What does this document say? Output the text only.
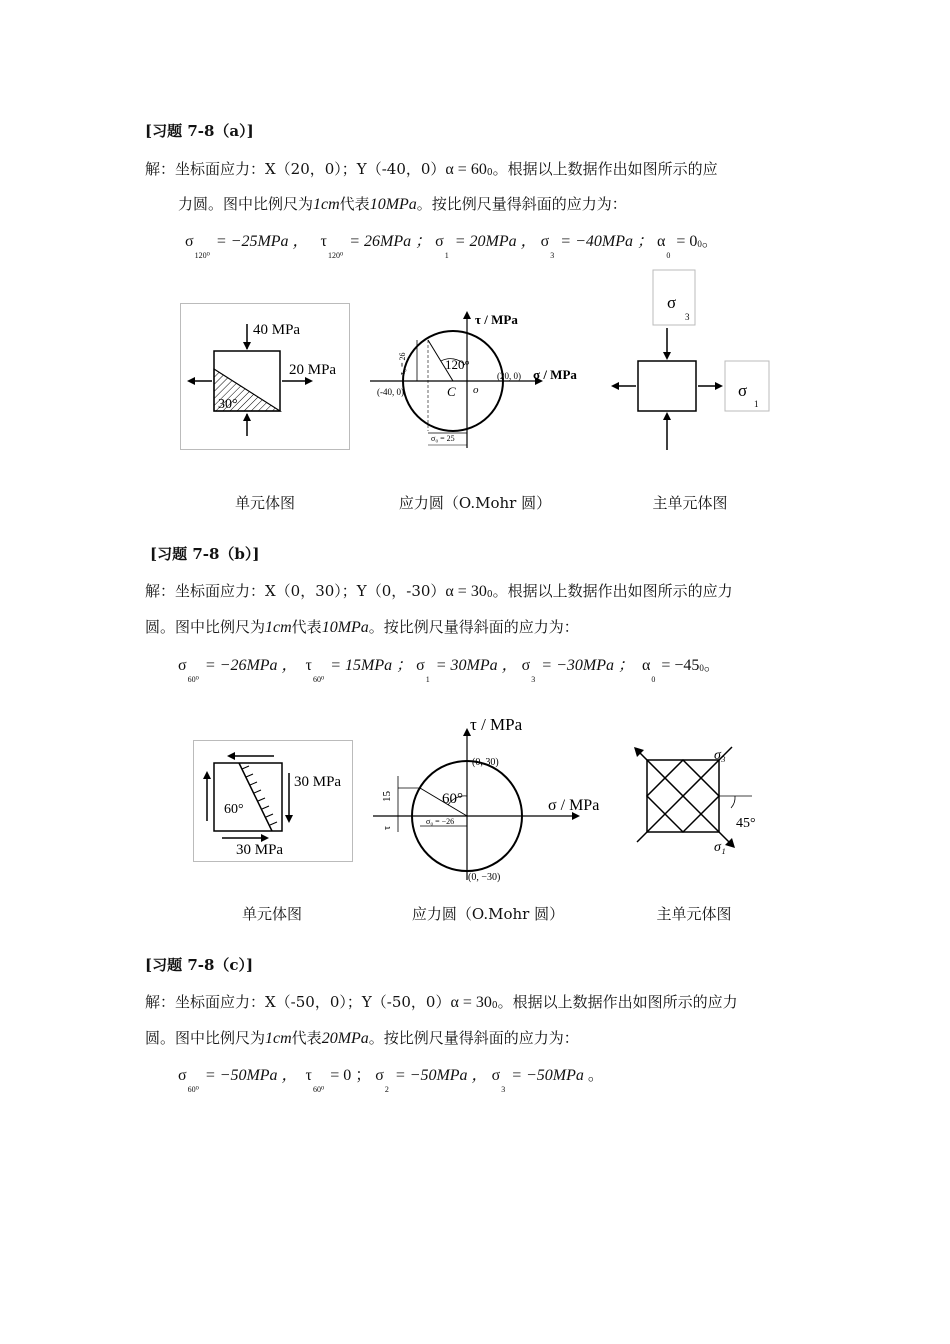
[习题 7-8（a）]
解：坐标面应力：X（20，0）；Y（-40，0）α = 600。根据以上数据作出如图所示的应
力圆。图中比例尺为1cm代表10MPa。按比例尺量得斜面的应力为：
$\sigma_{120^0}= -25MPa$ ， $\tau_{120^0}= 26MPa$ ； $\sigma_1= 20MPa$ ， $\sigma_3= -40MPa$ ； $\alpha_0= 00$。
40 MPa
20 MPa
30°
τ / MPa
σ / MPa
120°
C o
(20, 0)
(-40, 0)
τ₀ = 26
σ₀ = 25
σ
3
σ
1
单元体图	应力圆（O.Mohr 圆）	主单元体图
[习题 7-8（b）]
解：坐标面应力：X（0，30）；Y（0，-30）α = 300。根据以上数据作出如图所示的应力
圆。图中比例尺为1cm代表10MPa。按比例尺量得斜面的应力为：
$\sigma_{60^0}= -26MPa$ ， $\tau_{60^0}= 15MPa$ ； $\sigma_1= 30MPa$ ， $\sigma_3= -30MPa$ ； $\alpha_0= -450$。
60°
30 MPa
30 MPa
τ / MPa
σ / MPa
60°
(0, 30)
(0, −30)
15
τ
σ₀ = −26
σ₃
45°
σ₁
单元体图	应力圆（O.Mohr 圆）	主单元体图
[习题 7-8（c）]
解：坐标面应力：X（-50，0）；Y（-50，0）α = 300。根据以上数据作出如图所示的应力
圆。图中比例尺为1cm代表20MPa。按比例尺量得斜面的应力为：
$\sigma_{60^0}= -50MPa$ ， $\tau_{60^0}= 0$ ； $\sigma_2= -50MPa$ ， $\sigma_3= -50MPa$ 。
